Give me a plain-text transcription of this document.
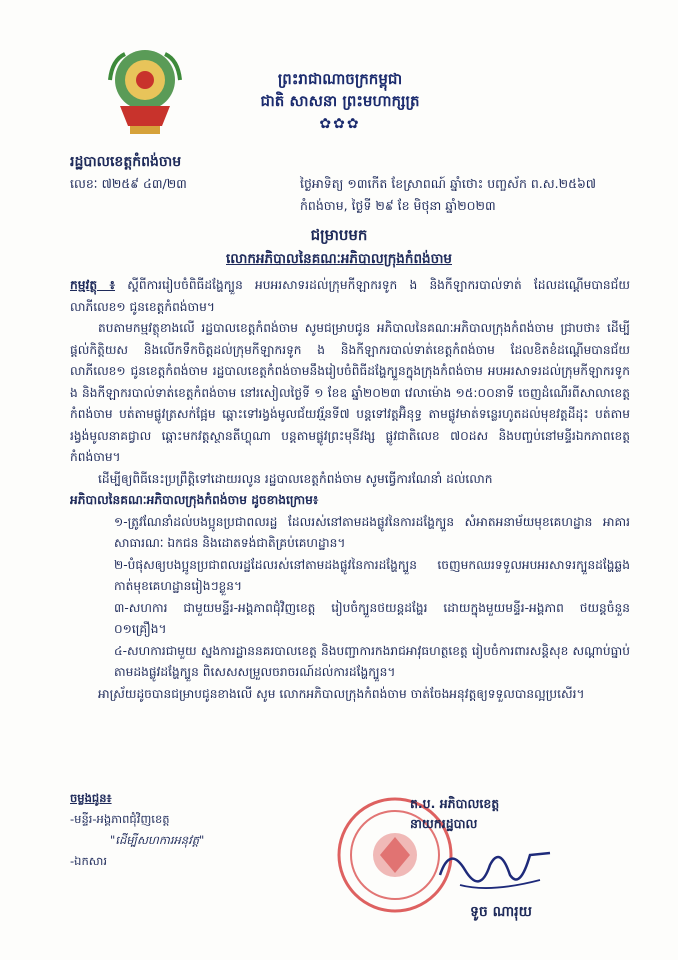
ព្រះរាជាណាចក្រកម្ពុជា
ជាតិ សាសនា ព្រះមហាក្សត្រ
✿✿✿
រដ្ឋបាលខេត្តកំពង់ចាម
លេខៈ ៧២៥៩ ៤៣/២៣	ថ្ងៃអាទិត្យ ១៣កើត ខែស្រាពណ៍ ឆ្នាំថោះ បញ្ចស័ក ព.ស.២៥៦៧
កំពង់ចាម, ថ្ងៃទី ២៩ ខែ មិថុនា ឆ្នាំ២០២៣
ជម្រាបមក
លោកអភិបាលនៃគណៈអភិបាលក្រុងកំពង់ចាម

កម្មវត្ថុ ៖ ស្តីពីការរៀបចំពិធីដង្ហែក្បួន អបអរសាទរដល់ក្រុមកីឡាករទូក ង និងកីឡាករបាល់ទាត់ ដែលដណ្តើមបានជ័យលាភីលេខ១ ជូនខេត្តកំពង់ចាម។

តបតាមកម្មវត្ថុខាងលើ រដ្ឋបាលខេត្តកំពង់ចាម សូមជម្រាបជូន អភិបាលនៃគណៈអភិបាលក្រុងកំពង់ចាម ជ្រាបថា៖ ដើម្បីផ្តល់កិត្តិយស និងលើកទឹកចិត្តដល់ក្រុមកីឡាករទូក ង និងកីឡាករបាល់ទាត់ខេត្តកំពង់ចាម ដែលខិតខំដណ្តើមបានជ័យលាភីលេខ១ ជូនខេត្តកំពង់ចាម រដ្ឋបាលខេត្តកំពង់ចាមនឹងរៀបចំពិធីដង្ហែក្បួនក្នុងក្រុងកំពង់ចាម អបអរសាទរដល់ក្រុមកីឡាករទូក ង និងកីឡាករបាល់ទាត់ខេត្តកំពង់ចាម នៅរសៀលថ្ងៃទី ១ ខែឧ ឆ្នាំ២០២៣ វេលាម៉ោង ១៥:០០នាទី ចេញដំណើរពីសាលាខេត្តកំពង់ចាម បត់តាមផ្លូវត្រសក់ផ្អែម ឆ្ពោះទៅរង្វង់មូលជ័យវរ្ម័នទី៧ បន្តទៅវត្តអ៊ិនុទ្ធ តាមផ្លូវមាត់ទន្លេរហូតដល់មុខវត្តដីដុះ បត់តាមរង្វង់មូលនាគជ្វាល ឆ្ពោះមកវត្តស្ថានតីហ្លុណា បន្តតាមផ្លូវព្រះមុនីវង្ស ផ្លូវជាតិលេខ ៧០ដស និងបញ្ចប់នៅមន្ទីរឯកភាពខេត្តកំពង់ចាម។

ដើម្បីឲ្យពិធីនេះប្រព្រឹត្តិទៅដោយរលូន រដ្ឋបាលខេត្តកំពង់ចាម សូមធ្វើការណែនាំ ដល់លោក

អភិបាលនៃគណៈអភិបាលក្រុងកំពង់ចាម ដូចខាងក្រោម៖

១-ត្រូវណែនាំដល់បងប្អូនប្រជាពលរដ្ឋ ដែលរស់នៅតាមដងផ្លូវនៃការដង្ហែក្បួន សំអាតអនាម័យមុខគេហដ្ឋាន អាគារសាធារណៈ ឯកជន និងដោតទង់ជាតិគ្រប់គេហដ្ឋាន។

២-បំផុសឲ្យបងប្អូនប្រជាពលរដ្ឋដែលរស់នៅតាមដងផ្លូវនៃការដង្ហែក្បួន ចេញមកឈរទទួលអបអរសាទរក្បួនដង្ហែឆ្លងកាត់មុខគេហដ្ឋានរៀងៗខ្លួន។

៣-សហការ ជាមួយមន្ទីរ-អង្គភាពជុំវិញខេត្ត រៀបចំក្បួនថយន្តដង្ហែរ ដោយក្នុងមួយមន្ទីរ-អង្គភាព ថយន្តចំនួន ០១គ្រឿង។

៤-សហការជាមួយ ស្នងការដ្ឋាននគរបាលខេត្ត និងបញ្ជាការកងរាជអាវុធហត្ថខេត្ត រៀបចំការពារសន្តិសុខ សណ្តាប់ធ្នាប់តាមដងផ្លូវដង្ហែក្បួន ពិសេសសម្រួលចរាចរណ៍ដល់ការដង្ហែក្បួន។

អាស្រ័យដូចបានជម្រាបជូនខាងលើ សូម លោកអភិបាលក្រុងកំពង់ចាម ចាត់ចែងអនុវត្តឲ្យទទួលបានល្អប្រសើរ។

ត.ប. អភិបាលខេត្ត
នាយករដ្ឋបាល
ទូច ណារុយ
ចម្លងជូន៖
-មន្ទីរ-អង្គភាពជុំវិញខេត្ត
"ដើម្បីសហការអនុវត្ត"
-ឯកសារ
